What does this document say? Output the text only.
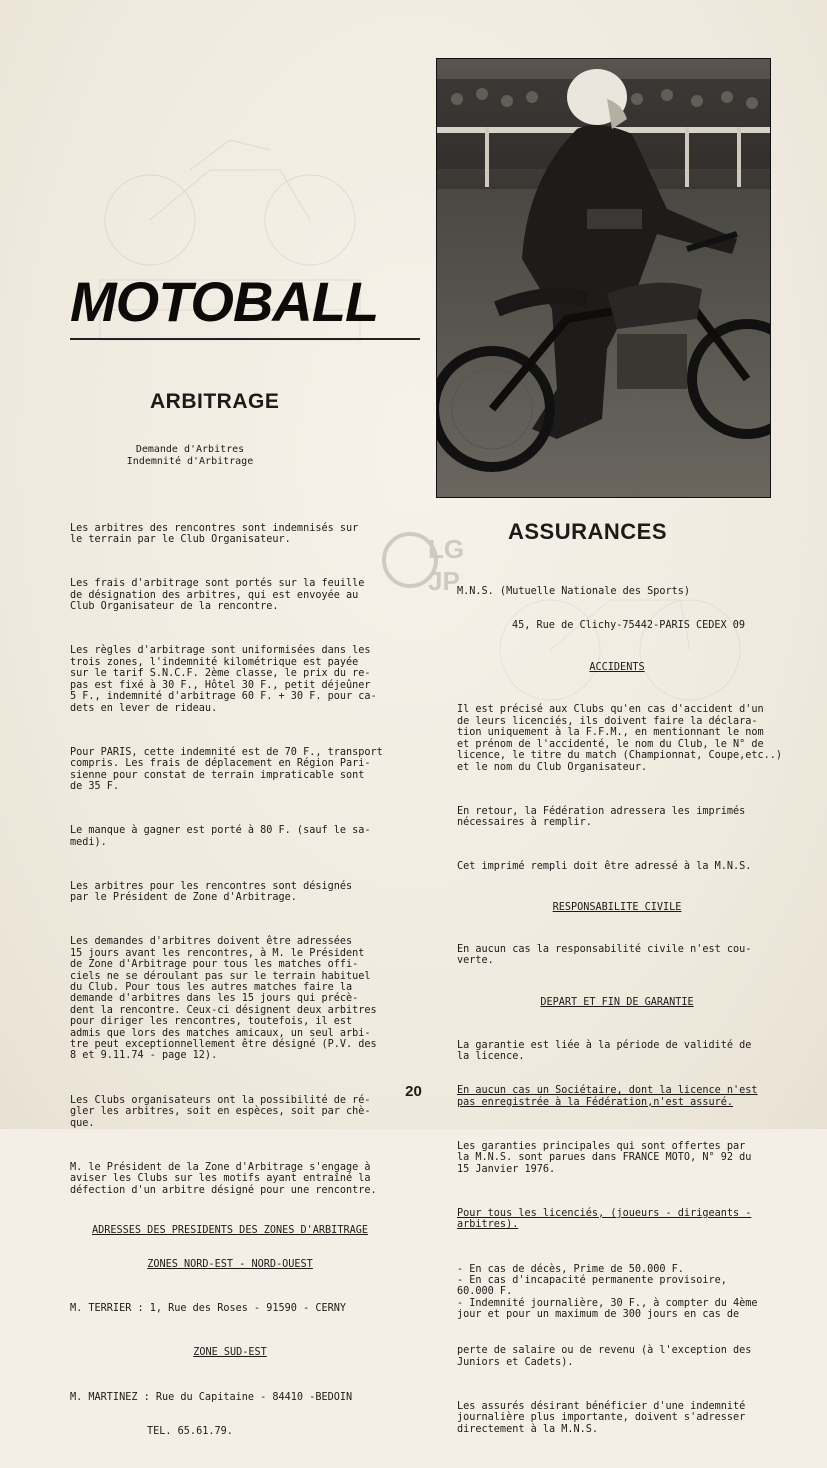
MOTOBALL
ARBITRAGE
Demande d'Arbitres
Indemnité d'Arbitrage

Les arbitres des rencontres sont indemnisés sur
le terrain par le Club Organisateur.

Les frais d'arbitrage sont portés sur la feuille
de désignation des arbitres, qui est envoyée au
Club Organisateur de la rencontre.

Les règles d'arbitrage sont uniformisées dans les
trois zones, l'indemnité kilométrique est payée
sur le tarif S.N.C.F. 2ème classe, le prix du re-
pas est fixé à 30 F., Hôtel 30 F., petit déjeûner
5 F., indemnité d'arbitrage 60 F. + 30 F. pour ca-
dets en lever de rideau.

Pour PARIS, cette indemnité est de 70 F., transport
compris. Les frais de déplacement en Région Pari-
sienne pour constat de terrain impraticable sont
de 35 F.

Le manque à gagner est porté à 80 F. (sauf le sa-
medi).

Les arbitres pour les rencontres sont désignés
par le Président de Zone d'Arbitrage.

Les demandes d'arbitres doivent être adressées
15 jours avant les rencontres, à M. le Président
de Zone d'Arbitrage pour tous les matches offi-
ciels ne se déroulant pas sur le terrain habituel
du Club. Pour tous les autres matches faire la
demande d'arbitres dans les 15 jours qui précè-
dent la rencontre. Ceux-ci désignent deux arbitres
pour diriger les rencontres, toutefois, il est
admis que lors des matches amicaux, un seul arbi-
tre peut exceptionnellement être désigné (P.V. des
8 et 9.11.74 - page 12).

Les Clubs organisateurs ont la possibilité de ré-
gler les arbitres, soit en espèces, soit par chè-
que.

M. le Président de la Zone d'Arbitrage s'engage à
aviser les Clubs sur les motifs ayant entraîné la
défection d'un arbitre désigné pour une rencontre.

ADRESSES DES PRESIDENTS DES ZONES D'ARBITRAGE

ZONES NORD-EST - NORD-OUEST

M. TERRIER : 1, Rue des Roses - 91590 - CERNY

ZONE SUD-EST

M. MARTINEZ : Rue du Capitaine - 84410 -BEDOIN

TEL. 65.61.79.

LG
JP
ASSURANCES

M.N.S. (Mutuelle Nationale des Sports)

45, Rue de Clichy-75442-PARIS CEDEX 09

ACCIDENTS

Il est précisé aux Clubs qu'en cas d'accident d'un
de leurs licenciés, ils doivent faire la déclara-
tion uniquement à la F.F.M., en mentionnant le nom
et prénom de l'accidenté, le nom du Club, le N° de
licence, le titre du match (Championnat, Coupe,etc..)
et le nom du Club Organisateur.

En retour, la Fédération adressera les imprimés
nécessaires à remplir.

Cet imprimé rempli doit être adressé à la M.N.S.

RESPONSABILITE CIVILE

En aucun cas la responsabilité civile n'est cou-
verte.

DEPART ET FIN DE GARANTIE

La garantie est liée à la période de validité de
la licence.

En aucun cas un Sociétaire, dont la licence n'est
pas enregistrée à la Fédération,n'est assuré.

Les garanties principales qui sont offertes par
la M.N.S. sont parues dans FRANCE MOTO, N° 92 du
15 Janvier 1976.

Pour tous les licenciés, (joueurs - dirigeants -
arbitres).

- En cas de décès, Prime de 50.000 F.
- En cas d'incapacité permanente provisoire,
60.000 F.
- Indemnité journalière, 30 F., à compter du 4ème
jour et pour un maximum de 300 jours en cas de

perte de salaire ou de revenu (à l'exception des
Juniors et Cadets).

Les assurés désirant bénéficier d'une indemnité
journalière plus importante, doivent s'adresser
directement à la M.N.S.

20
